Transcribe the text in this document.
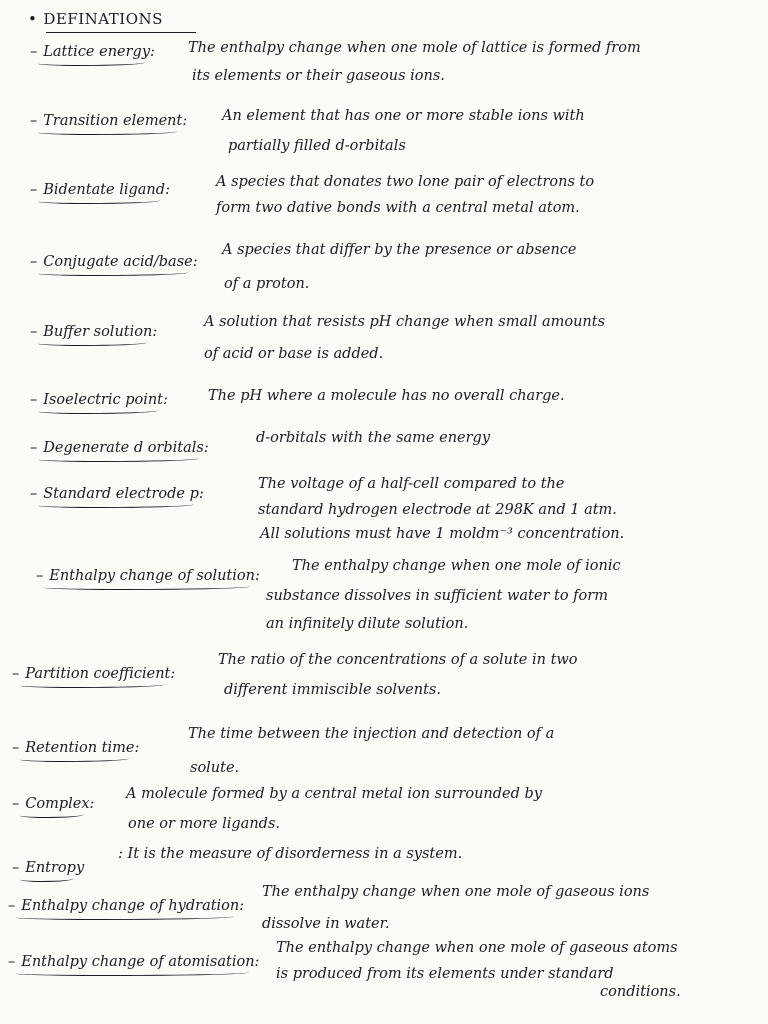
• DEFINATIONS
– Lattice energy: The enthalpy change when one mole of lattice is formed from
its elements or their gaseous ions.
– Transition element: An element that has one or more stable ions with
partially filled d-orbitals
– Bidentate ligand:	A species that donates two lone pair of electrons to
form two dative bonds with a central metal atom.
– Conjugate acid/base:
A species that differ by the presence or absence
of a proton.
– Buffer solution:
A solution that resists pH change when small amounts
of acid or base is added.
– Isoelectric point:	The pH where a molecule has no overall charge.
– Degenerate d orbitals:
d-orbitals with the same energy
– Standard electrode p:
The voltage of a half-cell compared to the
standard hydrogen electrode at 298K and 1 atm.
All solutions must have 1 moldm⁻³ concentration.
– Enthalpy change of solution:
The enthalpy change when one mole of ionic
substance dissolves in sufficient water to form
an infinitely dilute solution.
– Partition coefficient:
The ratio of the concentrations of a solute in two
different immiscible solvents.
– Retention time:
The time between the injection and detection of a
solute.
– Complex:
A molecule formed by a central metal ion surrounded by
one or more ligands.
– Entropy
: It is the measure of disorderness in a system.
– Enthalpy change of hydration:
The enthalpy change when one mole of gaseous ions
dissolve in water.
– Enthalpy change of atomisation:
The enthalpy change when one mole of gaseous atoms
is produced from its elements under standard
conditions.
